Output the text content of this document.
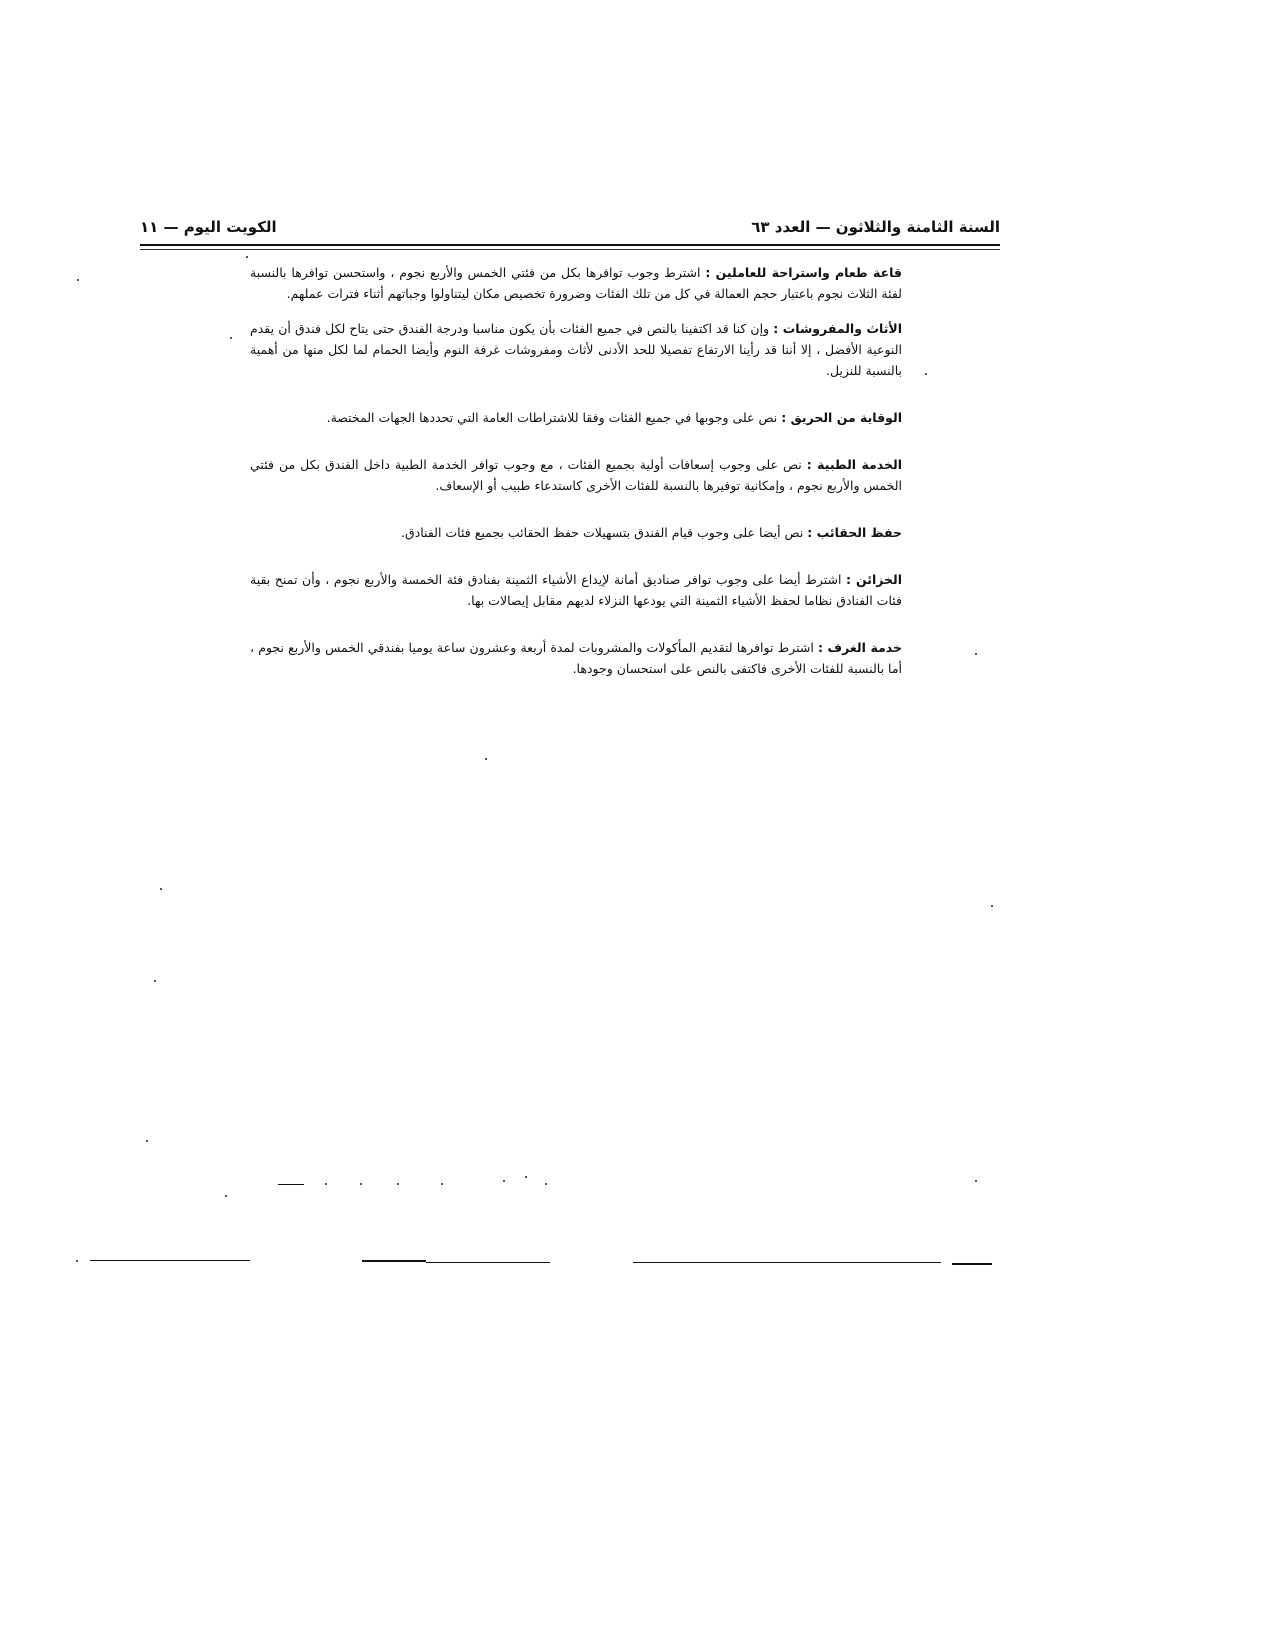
السنة الثامنة والثلاثون — العدد ٦٣
الكويت اليوم — ١١

قاعة طعام واستراحة للعاملين : اشترط وجوب توافرها بكل من فئتي الخمس والأربع نجوم ، واستحسن توافرها بالنسبة لفئة الثلاث نجوم باعتبار حجم العمالة في كل من تلك الفئات وضرورة تخصيص مكان ليتناولوا وجباتهم أثناء فترات عملهم.

الأثاث والمفروشات : وإن كنا قد اكتفينا بالنص في جميع الفئات بأن يكون مناسبا ودرجة الفندق حتى يتاح لكل فندق أن يقدم النوعية الأفضل ، إلا أننا قد رأينا الارتفاع تفصيلا للحد الأدنى لأثاث ومفروشات غرفة النوم وأيضا الحمام لما لكل منها من أهمية بالنسبة للنزيل.

الوقاية من الحريق : نص على وجوبها في جميع الفئات وفقا للاشتراطات العامة التي تحددها الجهات المختصة.

الخدمة الطبية : نص على وجوب إسعافات أولية بجميع الفئات ، مع وجوب توافر الخدمة الطبية داخل الفندق بكل من فئتي الخمس والأربع نجوم ، وإمكانية توفيرها بالنسبة للفئات الأخرى كاستدعاء طبيب أو الإسعاف.

حفظ الحقائب : نص أيضا على وجوب قيام الفندق بتسهيلات حفظ الحقائب بجميع فئات الفنادق.

الخزائن : اشترط أيضا على وجوب توافر صناديق أمانة لإيداع الأشياء الثمينة بفنادق فئة الخمسة والأربع نجوم ، وأن تمنح بقية فئات الفنادق نظاما لحفظ الأشياء الثمينة التي يودعها النزلاء لديهم مقابل إيصالات بها.

خدمة الغرف : اشترط توافرها لتقديم المأكولات والمشروبات لمدة أربعة وعشرون ساعة يوميا بفندقي الخمس والأربع نجوم ، أما بالنسبة للفئات الأخرى فاكتفى بالنص على استحسان وجودها.
